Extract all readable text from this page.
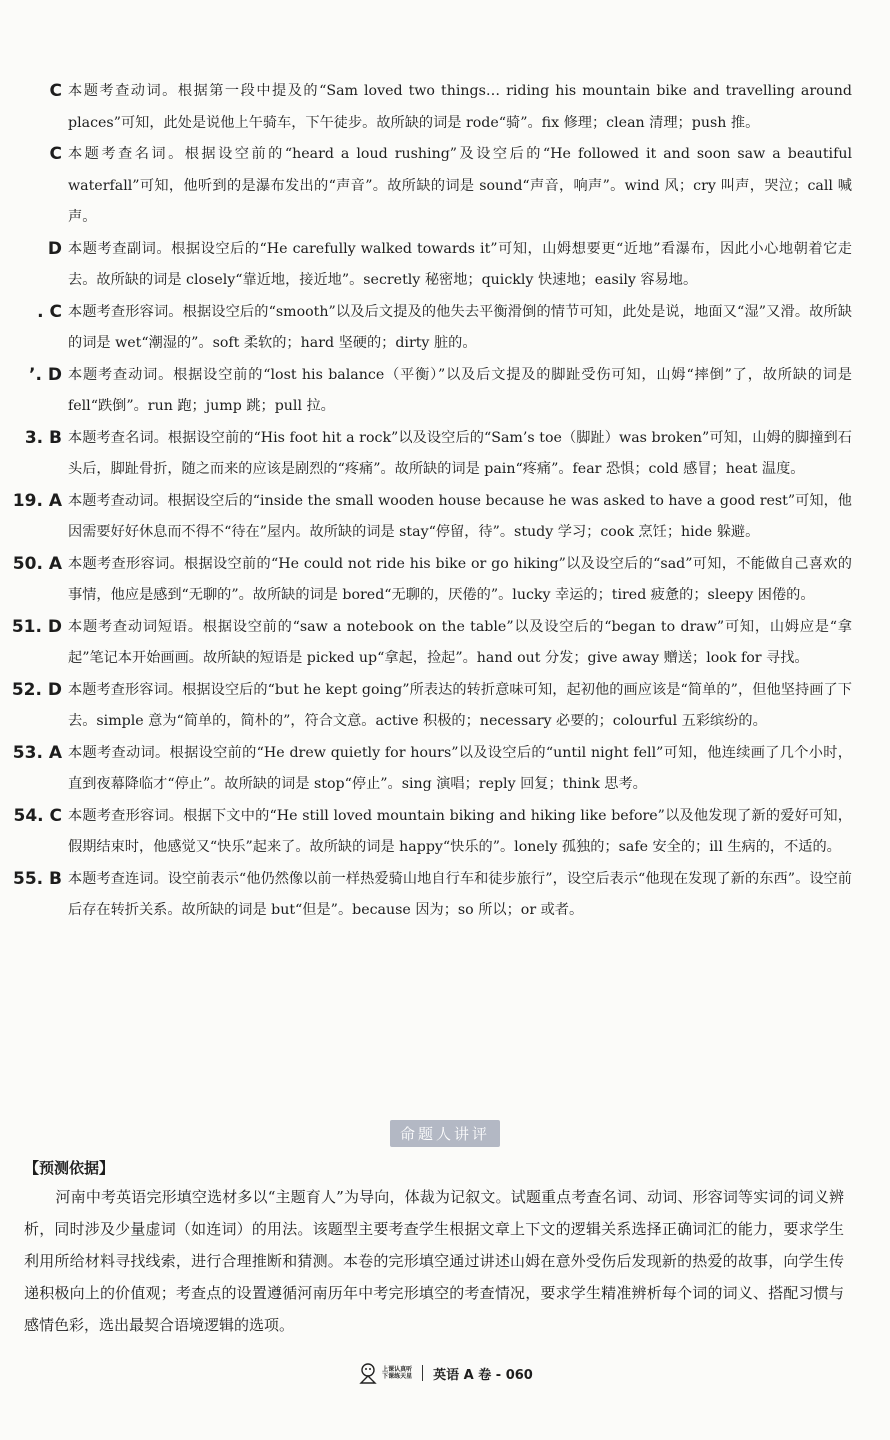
C 本题考查动词。根据第一段中提及的“Sam loved two things… riding his mountain bike and travelling around places”可知，此处是说他上午骑车，下午徒步。故所缺的词是 rode“骑”。fix 修理；clean 清理；push 推。
C 本题考查名词。根据设空前的“heard a loud rushing”及设空后的“He followed it and soon saw a beautiful waterfall”可知，他听到的是瀑布发出的“声音”。故所缺的词是 sound“声音，响声”。wind 风；cry 叫声，哭泣；call 喊声。
D 本题考查副词。根据设空后的“He carefully walked towards it”可知，山姆想要更“近地”看瀑布，因此小心地朝着它走去。故所缺的词是 closely“靠近地，接近地”。secretly 秘密地；quickly 快速地；easily 容易地。
. C 本题考查形容词。根据设空后的“smooth”以及后文提及的他失去平衡滑倒的情节可知，此处是说，地面又“湿”又滑。故所缺的词是 wet“潮湿的”。soft 柔软的；hard 坚硬的；dirty 脏的。
’. D 本题考查动词。根据设空前的“lost his balance（平衡）”以及后文提及的脚趾受伤可知，山姆“摔倒”了，故所缺的词是 fell“跌倒”。run 跑；jump 跳；pull 拉。
3. B 本题考查名词。根据设空前的“His foot hit a rock”以及设空后的“Sam’s toe（脚趾）was broken”可知，山姆的脚撞到石头后，脚趾骨折，随之而来的应该是剧烈的“疼痛”。故所缺的词是 pain“疼痛”。fear 恐惧；cold 感冒；heat 温度。
19. A 本题考查动词。根据设空后的“inside the small wooden house because he was asked to have a good rest”可知，他因需要好好休息而不得不“待在”屋内。故所缺的词是 stay“停留，待”。study 学习；cook 烹饪；hide 躲避。
50. A 本题考查形容词。根据设空前的“He could not ride his bike or go hiking”以及设空后的“sad”可知，不能做自己喜欢的事情，他应是感到“无聊的”。故所缺的词是 bored“无聊的，厌倦的”。lucky 幸运的；tired 疲惫的；sleepy 困倦的。
51. D 本题考查动词短语。根据设空前的“saw a notebook on the table”以及设空后的“began to draw”可知，山姆应是“拿起”笔记本开始画画。故所缺的短语是 picked up“拿起，捡起”。hand out 分发；give away 赠送；look for 寻找。
52. D 本题考查形容词。根据设空后的“but he kept going”所表达的转折意味可知，起初他的画应该是“简单的”，但他坚持画了下去。simple 意为“简单的，简朴的”，符合文意。active 积极的；necessary 必要的；colourful 五彩缤纷的。
53. A 本题考查动词。根据设空前的“He drew quietly for hours”以及设空后的“until night fell”可知，他连续画了几个小时，直到夜幕降临才“停止”。故所缺的词是 stop“停止”。sing 演唱；reply 回复；think 思考。
54. C 本题考查形容词。根据下文中的“He still loved mountain biking and hiking like before”以及他发现了新的爱好可知，假期结束时，他感觉又“快乐”起来了。故所缺的词是 happy“快乐的”。lonely 孤独的；safe 安全的；ill 生病的，不适的。
55. B 本题考查连词。设空前表示“他仍然像以前一样热爱骑山地自行车和徒步旅行”，设空后表示“他现在发现了新的东西”。设空前后存在转折关系。故所缺的词是 but“但是”。because 因为；so 所以；or 或者。
命题人讲评
【预测依据】
河南中考英语完形填空选材多以“主题育人”为导向，体裁为记叙文。试题重点考查名词、动词、形容词等实词的词义辨析，同时涉及少量虚词（如连词）的用法。该题型主要考查学生根据文章上下文的逻辑关系选择正确词汇的能力，要求学生利用所给材料寻找线索，进行合理推断和猜测。本卷的完形填空通过讲述山姆在意外受伤后发现新的热爱的故事，向学生传递积极向上的价值观；考查点的设置遵循河南历年中考完形填空的考查情况，要求学生精准辨析每个词的词义、搭配习惯与感情色彩，选出最契合语境逻辑的选项。
上课认真听
下课练天星 英语 A 卷 - 060
